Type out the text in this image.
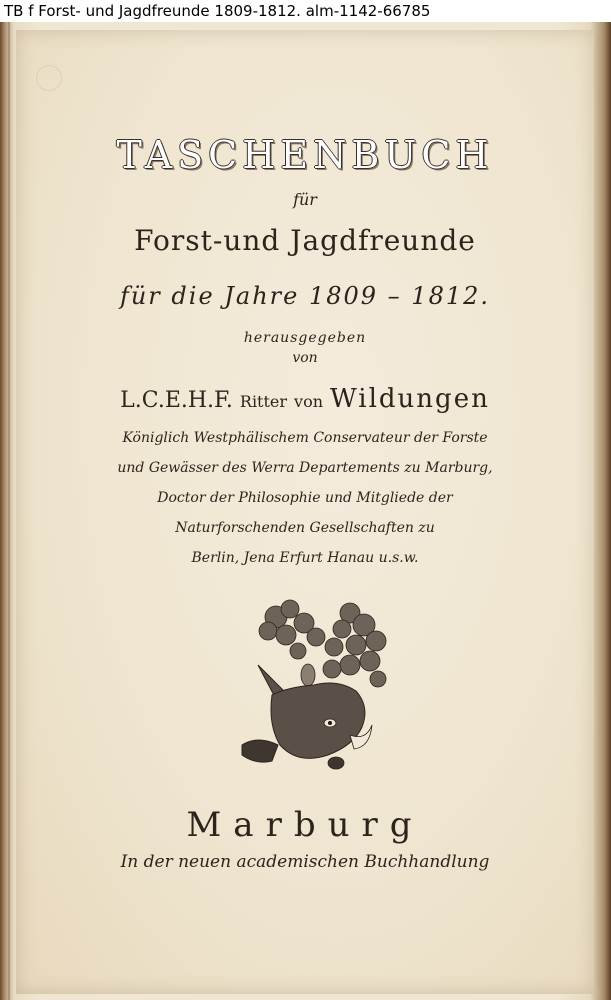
TB f Forst- und Jagdfreunde 1809-1812. alm-1142-66785
TASCHENBUCH
für
Forst-und Jagdfreunde
für die Jahre 1809 – 1812.
herausgegeben
von
L.C.E.H.F. Ritter von Wildungen
Königlich Westphälischem Conservateur der Forste
und Gewässer des Werra Departements zu Marburg,
Doctor der Philosophie und Mitgliede der
Naturforschenden Gesellschaften zu
Berlin, Jena Erfurt Hanau u.s.w.
Marburg
In der neuen academischen Buchhandlung
